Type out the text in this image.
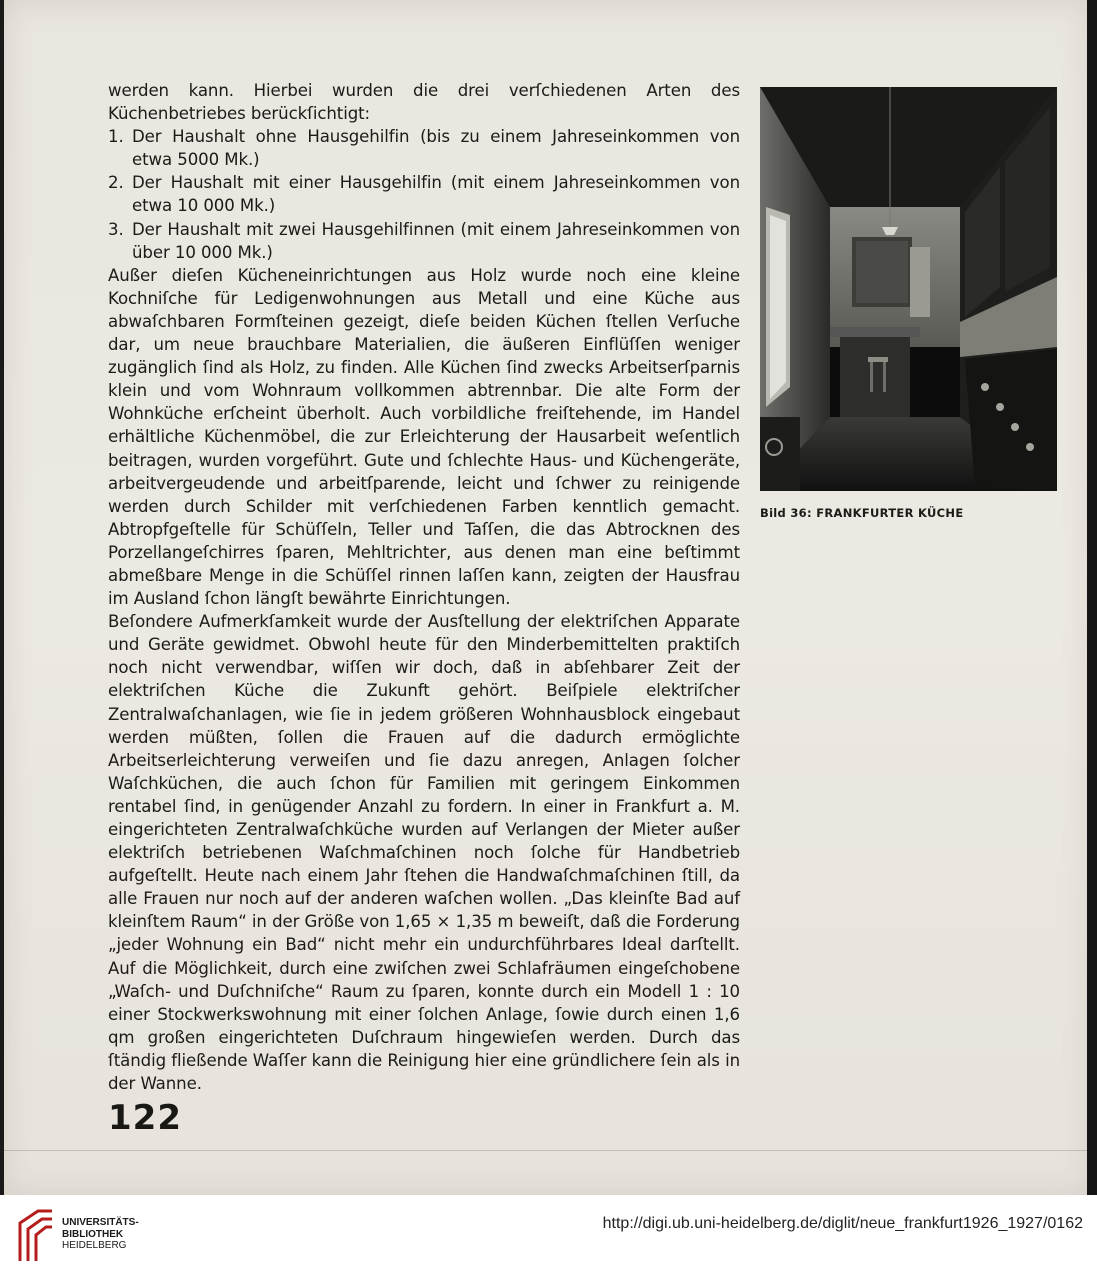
werden kann. Hierbei wurden die drei verſchiedenen Arten des Küchenbetriebes berückſichtigt:

1. Der Haushalt ohne Hausgehilfin (bis zu einem Jahreseinkommen von etwa 5000 Mk.)
2. Der Haushalt mit einer Hausgehilfin (mit einem Jahreseinkommen von etwa 10 000 Mk.)
3. Der Haushalt mit zwei Hausgehilfinnen (mit einem Jahreseinkommen von über 10 000 Mk.)

Außer dieſen Kücheneinrichtungen aus Holz wurde noch eine kleine Kochniſche für Ledigenwohnungen aus Metall und eine Küche aus abwaſchbaren Formſteinen gezeigt, dieſe beiden Küchen ſtellen Verſuche dar, um neue brauchbare Materialien, die äußeren Einflüſſen weniger zugänglich ſind als Holz, zu finden. Alle Küchen ſind zwecks Arbeitserſparnis klein und vom Wohnraum vollkommen abtrennbar. Die alte Form der Wohnküche erſcheint überholt. Auch vorbildliche freiſtehende, im Handel erhältliche Küchenmöbel, die zur Erleichterung der Hausarbeit weſentlich beitragen, wurden vorgeführt. Gute und ſchlechte Haus- und Küchengeräte, arbeitvergeudende und arbeitſparende, leicht und ſchwer zu reinigende werden durch Schilder mit verſchiedenen Farben kenntlich gemacht. Abtropfgeſtelle für Schüſſeln, Teller und Taſſen, die das Abtrocknen des Porzellangeſchirres ſparen, Mehltrichter, aus denen man eine beſtimmt abmeßbare Menge in die Schüſſel rinnen laſſen kann, zeigten der Hausfrau im Ausland ſchon längſt bewährte Einrichtungen.

Beſondere Aufmerkſamkeit wurde der Ausſtellung der elektriſchen Apparate und Geräte gewidmet. Obwohl heute für den Minderbemittelten praktiſch noch nicht verwendbar, wiſſen wir doch, daß in abſehbarer Zeit der elektriſchen Küche die Zukunft gehört. Beiſpiele elektriſcher Zentralwaſchanlagen, wie ſie in jedem größeren Wohnhausblock eingebaut werden müßten, ſollen die Frauen auf die dadurch ermöglichte Arbeitserleichterung verweiſen und ſie dazu anregen, Anlagen ſolcher Waſchküchen, die auch ſchon für Familien mit geringem Einkommen rentabel ſind, in genügender Anzahl zu fordern. In einer in Frankfurt a. M. eingerichteten Zentralwaſchküche wurden auf Verlangen der Mieter außer elektriſch betriebenen Waſchmaſchinen noch ſolche für Handbetrieb aufgeſtellt. Heute nach einem Jahr ſtehen die Handwaſchmaſchinen ſtill, da alle Frauen nur noch auf der anderen waſchen wollen. „Das kleinſte Bad auf kleinſtem Raum“ in der Größe von 1,65 × 1,35 m beweiſt, daß die Forderung „jeder Wohnung ein Bad“ nicht mehr ein undurchführbares Ideal darſtellt. Auf die Möglichkeit, durch eine zwiſchen zwei Schlafräumen eingeſchobene „Waſch- und Duſchniſche“ Raum zu ſparen, konnte durch ein Modell 1 : 10 einer Stockwerkswohnung mit einer ſolchen Anlage, ſowie durch einen 1,6 qm großen eingerichteten Duſchraum hingewieſen werden. Durch das ſtändig fließende Waſſer kann die Reinigung hier eine gründlichere ſein als in der Wanne.

Bild 36: FRANKFURTER KÜCHE
122
UNIVERSITÄTS-
BIBLIOTHEK
HEIDELBERG
http://digi.ub.uni-heidelberg.de/diglit/neue_frankfurt1926_1927/0162
